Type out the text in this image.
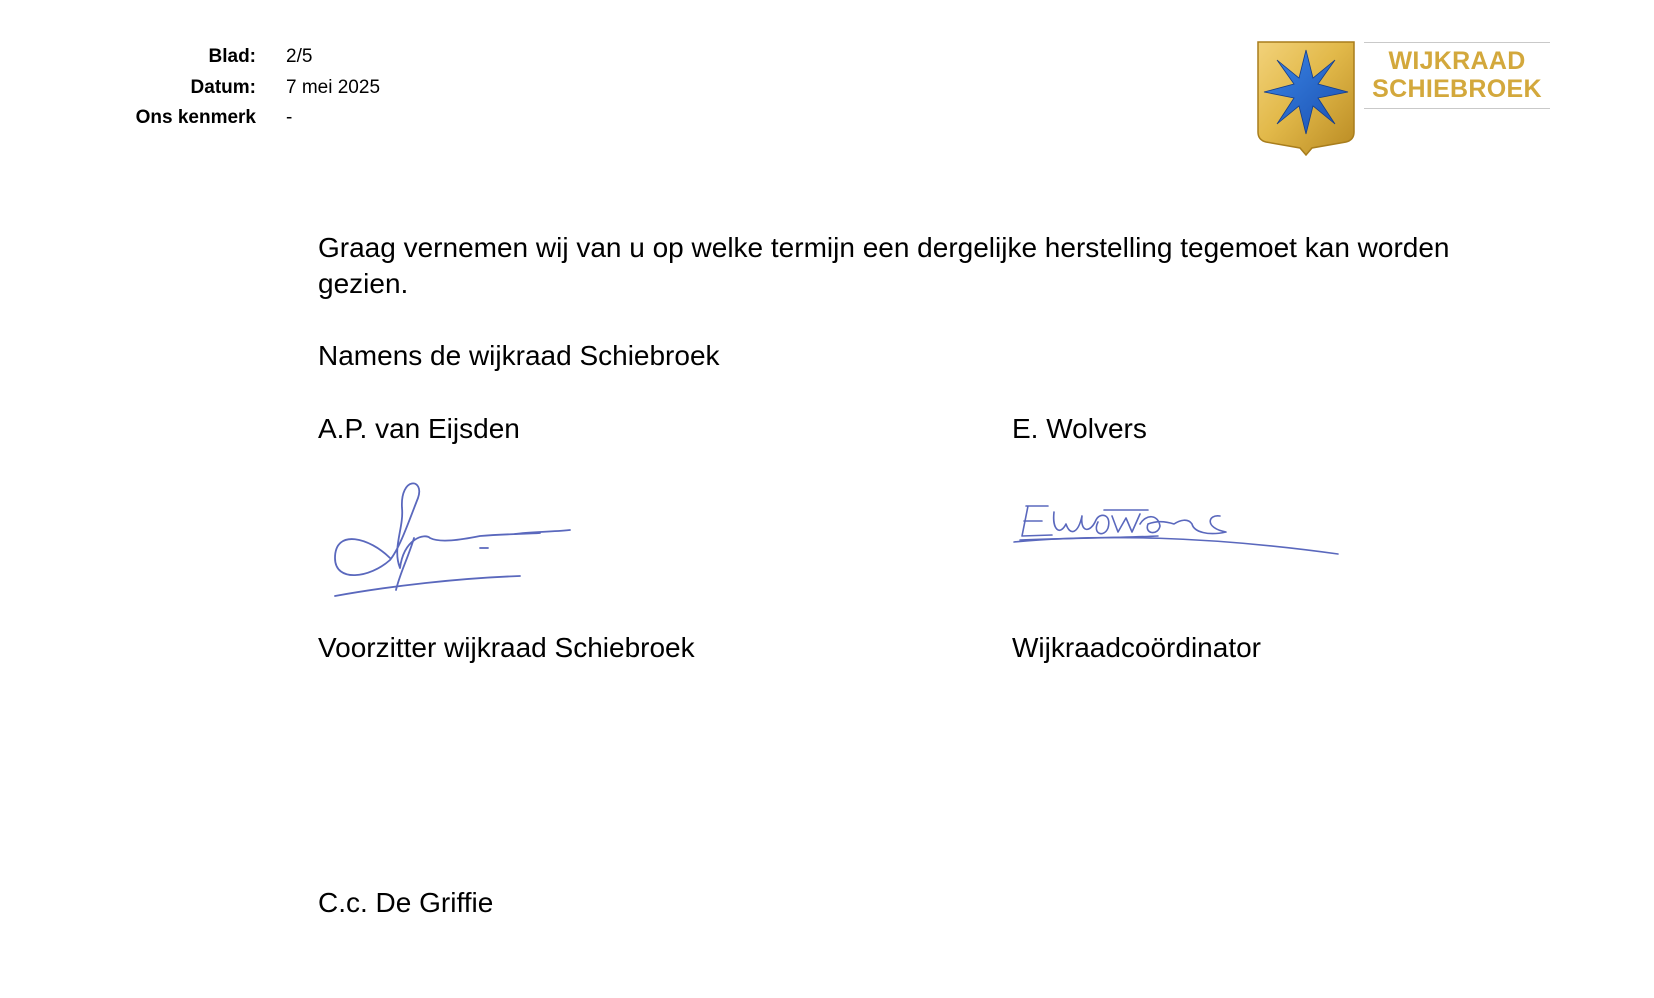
Blad:	2/5
Datum:	7 mei 2025
Ons kenmerk	-
WIJKRAAD
SCHIEBROEK
Graag vernemen wij van u op welke termijn een dergelijke herstelling tegemoet kan worden gezien.
Namens de wijkraad Schiebroek
A.P. van Eijsden	E. Wolvers
Voorzitter wijkraad Schiebroek	Wijkraadcoördinator
C.c. De Griffie
